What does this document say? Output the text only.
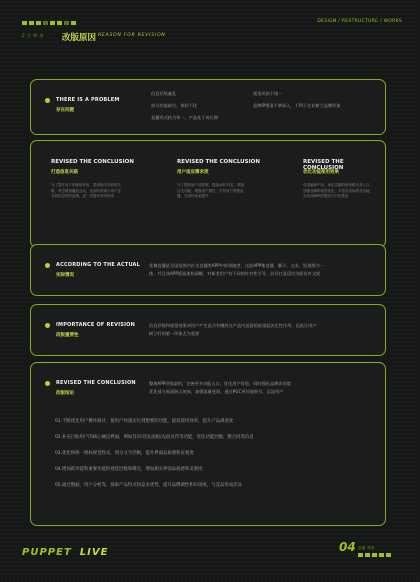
Z 亚 W 浙 改版原因 REASON FOR REVISION
DESIGN / RESTRUCTURE / WORKS
THERE IS A PROBLEM
存在问题
信息层级紊乱	视觉风格不统一
部分功能缺失，体验不佳	品牌IP塑造不够深入，不利于企业树立品牌形象
直播形式较为单一，产品处于成长期
REVISED THE CONCLUSION
打造信息关联
为了提升用户的使用体验，提高相关内容的关联，考虑增加播放互动，直到有效减少用户在寻找信息时的浪费，进一步提升使用效率
REVISED THE CONCLUSION
用户适应需求度
为了提高用户活跃度，提高UGC内容，增加社交功能，增强用户黏性，引导用户观看直播，完成转化率提升
REVISED THE CONCLUSION
优化功能使用效果
引进最新产品，优化功能的使用路径及入口，加强品牌的视觉优化，丰富应用场景及功能，完成品牌IP的塑造与内容建设
ACCORDING TO THE ACTUAL
实际情况
花椒直播是全国范围内社交直播类APP中的领跑者，这款APP集直播、聊天、交友、短视频为一
体，并且该APP版面架构清晰，对新老用户有不同的针对性引导，首页打造适用为面仿有文娱
IMPORTANCE OF REVISION
改版重要性
信息层级和视觉效果对用户产生是否有继续在产品内逗留的欲望起决定性作用，因此让用户
树立好的第一印象尤为重要
REVISED THE CONCLUSION
改版结论
整理APP层级架构，完善更多功能入口，优化用户体验，同时强化品牌识别度
优化部分界面展示效果，加强流量变现，通过PGC更好地吸引、沉淀用户
01.不断优化用户操作路径，使用户快速定位到想要的功能，提高使用效率，提升产品满意度
02.补充目标用户的核心痛点界面，例如首页/话礼面板/充值页作等功能，优化功能层级，整合同类信息
03.优化和统一图标视觉样式，划分文字层级，提升界面品质感和直观度
04.增加新功能和重要功能的视觉层级和曝光，增加相关界面品质感和美观度
05.通过数据、用户分析等，探索产品特点和竞争优势，提升品牌调性和识别度，与竞品形成差异
PUPPET LIVE	04 直播 界面
